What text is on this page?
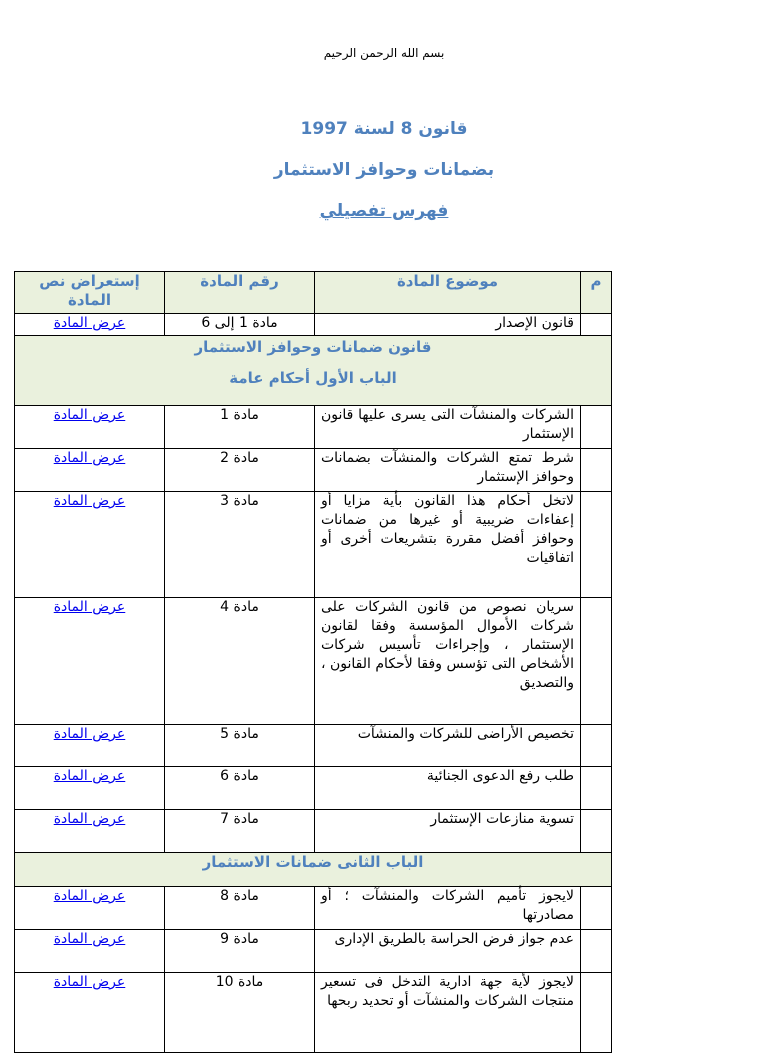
بسم الله الرحمن الرحيم
قانون 8 لسنة 1997
بضمانات وحوافز الاستثمار
فهرس تفصيلي
م	موضوع المادة	رقم المادة	إستعراض نص المادة
	قانون الإصدار	مادة 1 إلى 6	عرض المادة

قانون ضمانات وحوافز الاستثمار
الباب الأول أحكام عامة			

	الشركات والمنشآت التى يسرى عليها قانون الإستثمار	مادة 1	عرض المادة
	شرط تمتع الشركات والمنشآت بضمانات وحوافز الإستثمار	مادة 2	عرض المادة
	لاتخل أحكام هذا القانون بأية مزايا أو إعفاءات ضريبية أو غيرها من ضمانات وحوافز أفضل مقررة بتشريعات أخرى أو اتفاقيات	مادة 3	عرض المادة
	سريان نصوص من قانون الشركات على شركات الأموال المؤسسة وفقا لقانون الإستثمار ، وإجراءات تأسيس شركات الأشخاص التى تؤسس وفقا لأحكام القانون ، والتصديق	مادة 4	عرض المادة
	تخصيص الأراضى للشركات والمنشآت	مادة 5	عرض المادة
	طلب رفع الدعوى الجنائية	مادة 6	عرض المادة
	تسوية منازعات الإستثمار	مادة 7	عرض المادة

الباب الثانى ضمانات الاستثمار			

	لايجوز تأميم الشركات والمنشآت ؛ أو مصادرتها	مادة 8	عرض المادة
	عدم جواز فرض الحراسة بالطريق الإدارى	مادة 9	عرض المادة
	لايجوز لأية جهة ادارية التدخل فى تسعير منتجات الشركات والمنشآت أو تحديد ربحها	مادة 10	عرض المادة
